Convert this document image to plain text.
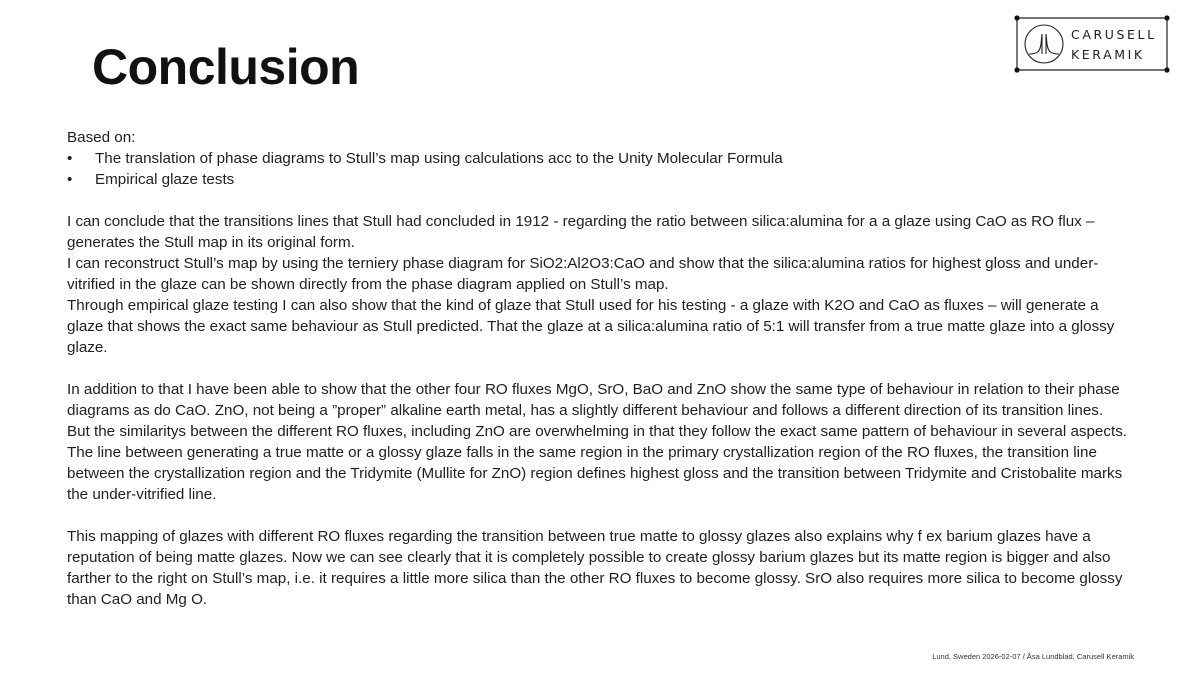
Conclusion
CARUSELL
KERAMIK

Based on:

• The translation of phase diagrams to Stull’s map using calculations acc to the Unity Molecular Formula
• Empirical glaze tests

I can conclude that the transitions lines that Stull had concluded in 1912 - regarding the ratio between silica:alumina for a a glaze using CaO as RO flux – generates the Stull map in its original form.

I can reconstruct Stull’s map by using the terniery phase diagram for SiO2:Al2O3:CaO and show that the silica:alumina ratios for highest gloss and under-vitrified in the glaze can be shown directly from the phase diagram applied on Stull’s map.

Through empirical glaze testing I can also show that the kind of glaze that Stull used for his testing - a glaze with K2O and CaO as fluxes – will generate a glaze that shows the exact same behaviour as Stull predicted. That the glaze at a silica:alumina ratio of 5:1 will transfer from a true matte glaze into a glossy glaze.

In addition to that I have been able to show that the other four RO fluxes MgO, SrO, BaO and ZnO show the same type of behaviour in relation to their phase diagrams as do CaO. ZnO, not being a ”proper” alkaline earth metal, has a slightly different behaviour and follows a different direction of its transition lines. But the similaritys between the different RO fluxes, including ZnO are overwhelming in that they follow the exact same pattern of behaviour in several aspects. The line between generating a true matte or a glossy glaze falls in the same region in the primary crystallization region of the RO fluxes, the transition line between the crystallization region and the Tridymite (Mullite for ZnO) region defines highest gloss and the transition between Tridymite and Cristobalite marks the under-vitrified line.

This mapping of glazes with different RO fluxes regarding the transition between true matte to glossy glazes also explains why f ex barium glazes have a reputation of being matte glazes. Now we can see clearly that it is completely possible to create glossy barium glazes but its matte region is bigger and also farther to the right on Stull’s map, i.e. it requires a little more silica than the other RO fluxes to become glossy. SrO also requires more silica to become glossy than CaO and Mg O.

Lund, Sweden 2026-02-07 / Åsa Lundblad, Carusell Keramik
